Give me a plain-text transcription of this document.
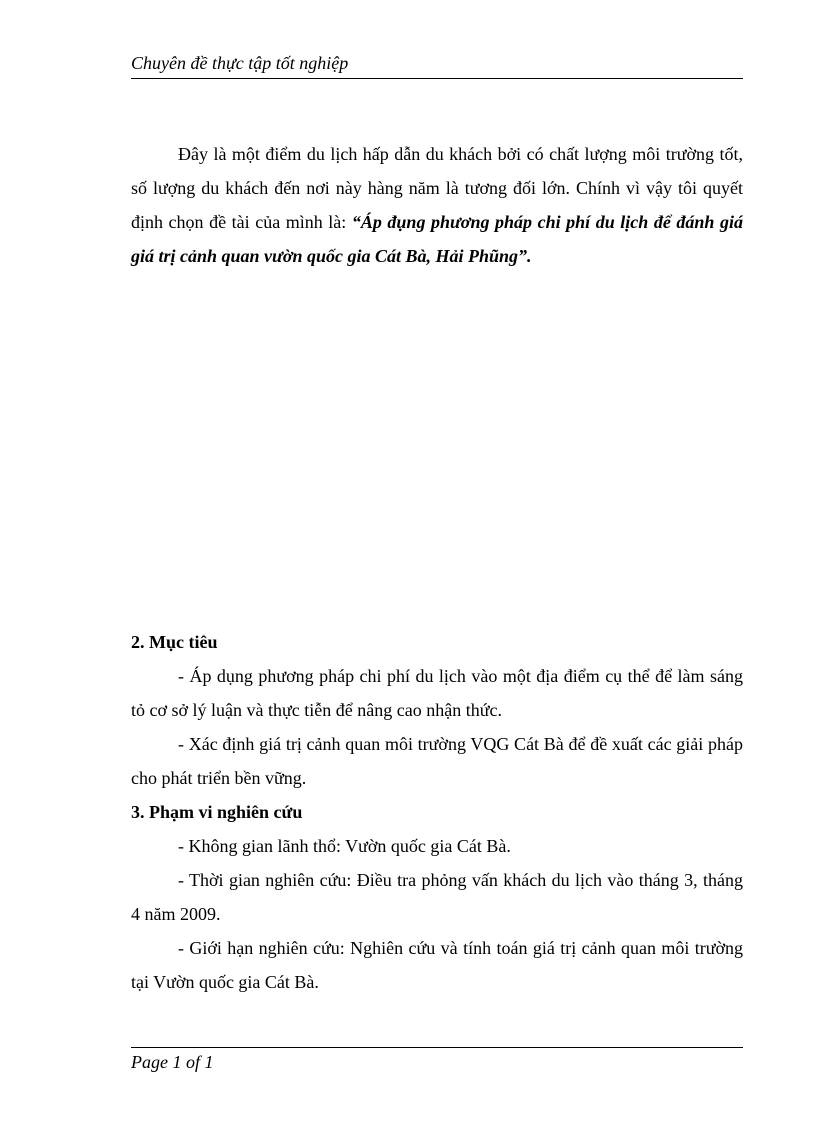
Chuyên đề thực tập tốt nghiệp

Đây là một điểm du lịch hấp dẫn du khách bởi có chất lượng môi trường tốt, số lượng du khách đến nơi này hàng năm là tương đối lớn. Chính vì vậy tôi quyết định chọn đề tài của mình là: “Áp đụng phương pháp chi phí du lịch để đánh giá giá trị cảnh quan vườn quốc gia Cát Bà, Hải Phũng”.

2. Mục tiêu

- Áp dụng phương pháp chi phí du lịch vào một địa điểm cụ thể để làm sáng tỏ cơ sở lý luận và thực tiễn để nâng cao nhận thức.

- Xác định giá trị cảnh quan môi trường VQG Cát Bà để đề xuất các giải pháp cho phát triển bền vững.

3. Phạm vi nghiên cứu

- Không gian lãnh thổ: Vườn quốc gia Cát Bà.

- Thời gian nghiên cứu: Điều tra phỏng vấn khách du lịch vào tháng 3, tháng 4 năm 2009.

- Giới hạn nghiên cứu: Nghiên cứu và tính toán giá trị cảnh quan môi trường tại Vườn quốc gia Cát Bà.

Page 1 of 1
